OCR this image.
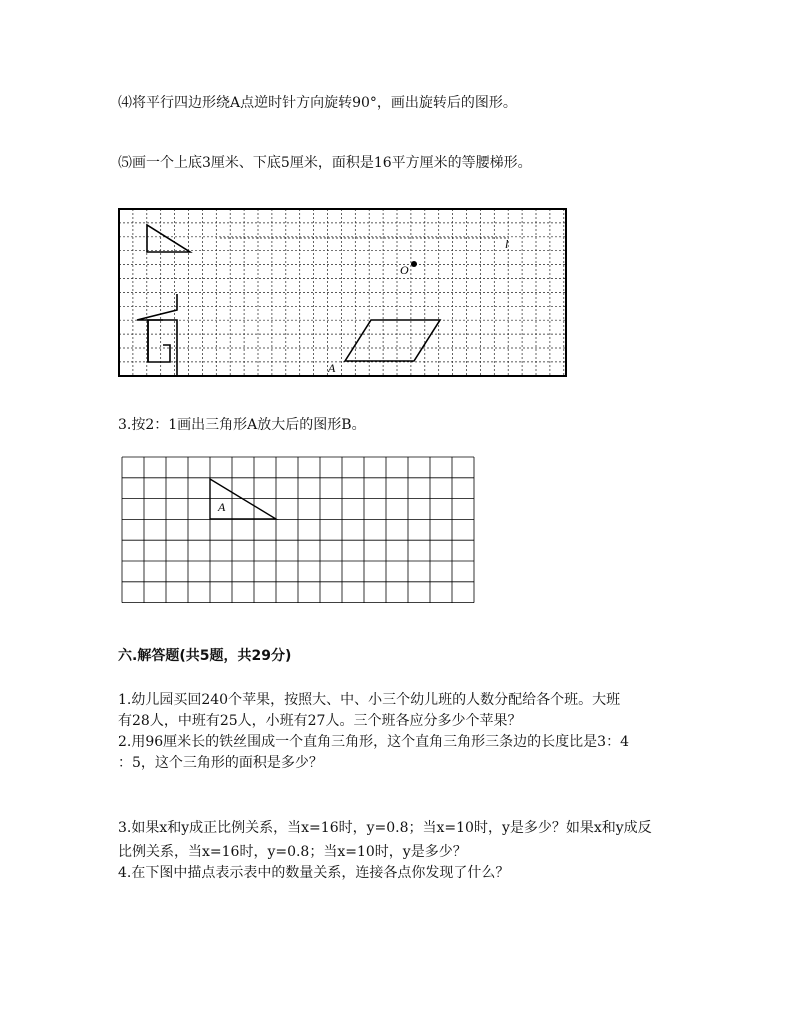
⑷将平行四边形绕A点逆时针方向旋转90°，画出旋转后的图形。
⑸画一个上底3厘米、下底5厘米，面积是16平方厘米的等腰梯形。
A
l
O
3.按2：1画出三角形A放大后的图形B。
A
六.解答题(共5题，共29分)
1.幼儿园买回240个苹果，按照大、中、小三个幼儿班的人数分配给各个班。大班
有28人，中班有25人，小班有27人。三个班各应分多少个苹果？
2.用96厘米长的铁丝围成一个直角三角形，这个直角三角形三条边的长度比是3：4
：5，这个三角形的面积是多少？
3.如果x和y成正比例关系，当x=16时，y=0.8；当x=10时，y是多少？如果x和y成反
比例关系，当x=16时，y=0.8；当x=10时，y是多少？
4.在下图中描点表示表中的数量关系，连接各点你发现了什么？
